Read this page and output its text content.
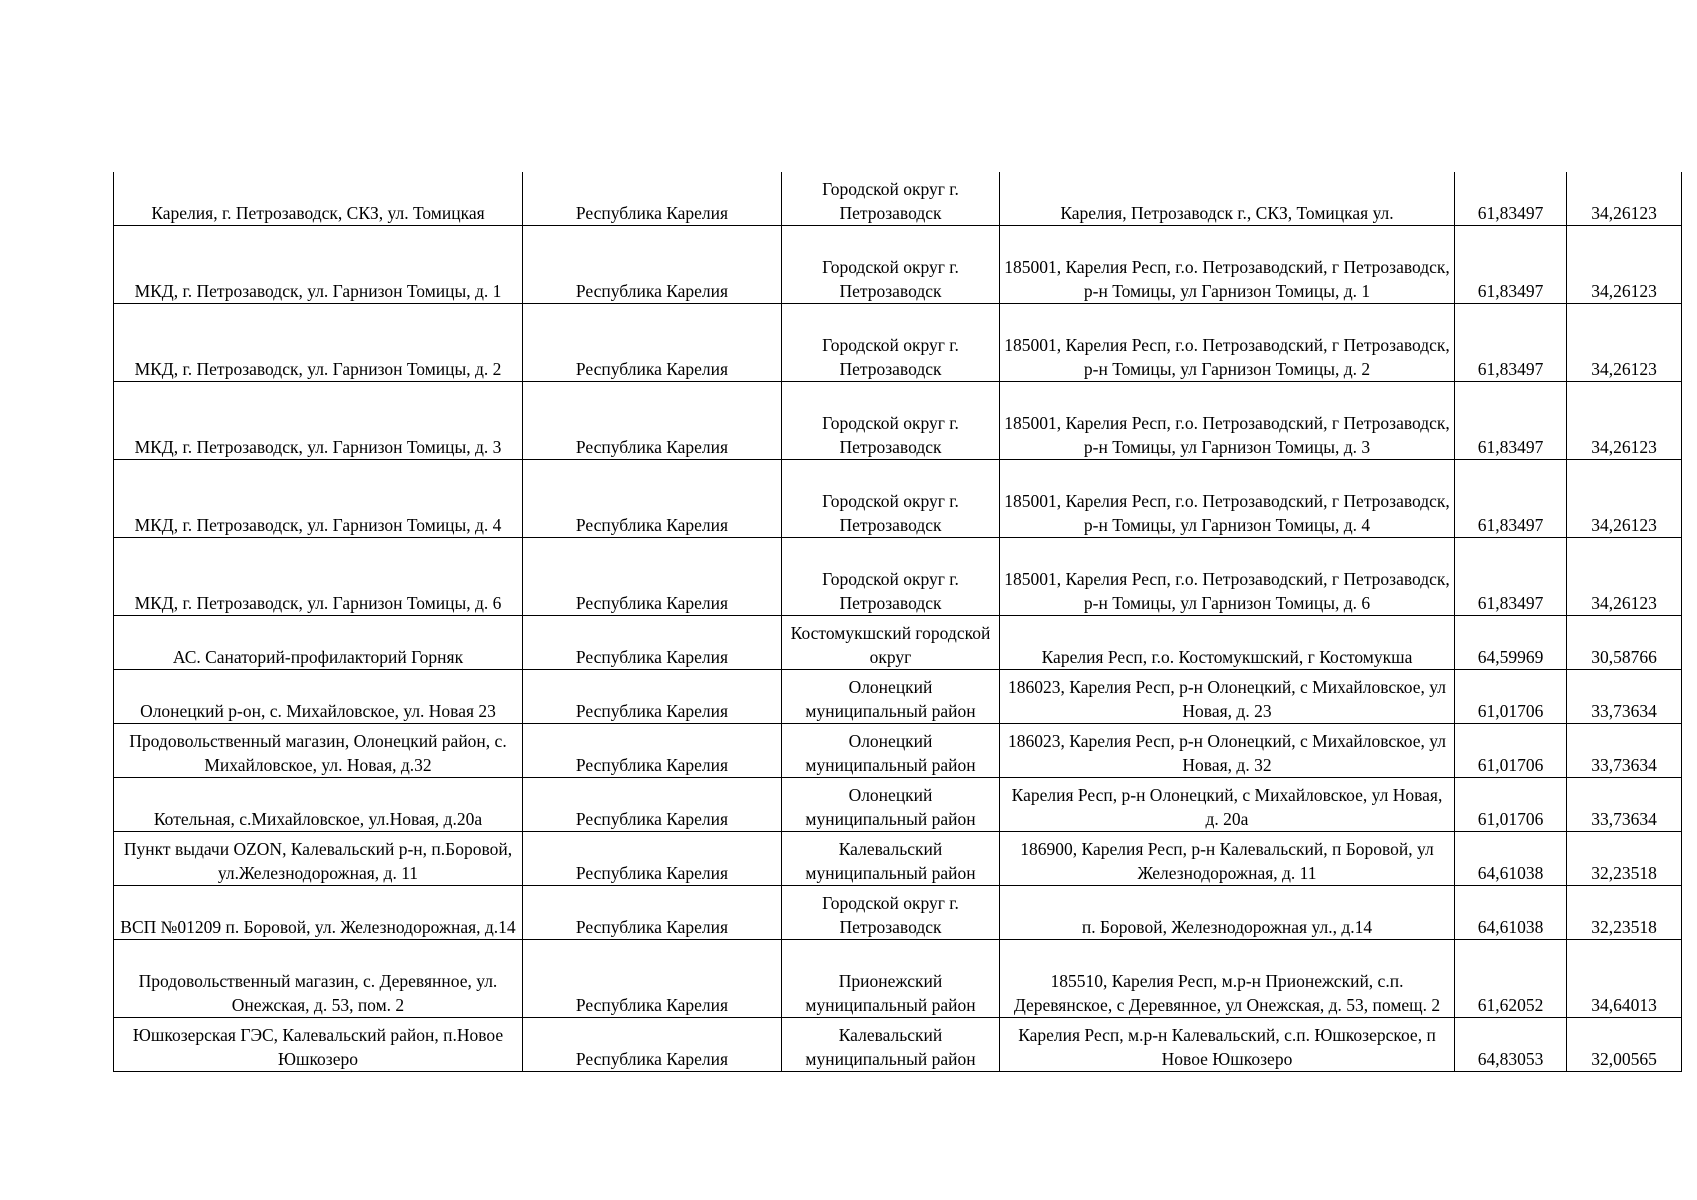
Карелия, г. Петрозаводск, СКЗ, ул. Томицкая	Республика Карелия	Городской округ г. Петрозаводск	Карелия, Петрозаводск г., СКЗ, Томицкая ул.	61,83497	34,26123
МКД, г. Петрозаводск, ул. Гарнизон Томицы, д. 1	Республика Карелия	Городской округ г. Петрозаводск	185001, Карелия Респ, г.о. Петрозаводский, г Петрозаводск, р-н Томицы, ул Гарнизон Томицы, д. 1	61,83497	34,26123
МКД, г. Петрозаводск, ул. Гарнизон Томицы, д. 2	Республика Карелия	Городской округ г. Петрозаводск	185001, Карелия Респ, г.о. Петрозаводский, г Петрозаводск, р-н Томицы, ул Гарнизон Томицы, д. 2	61,83497	34,26123
МКД, г. Петрозаводск, ул. Гарнизон Томицы, д. 3	Республика Карелия	Городской округ г. Петрозаводск	185001, Карелия Респ, г.о. Петрозаводский, г Петрозаводск, р-н Томицы, ул Гарнизон Томицы, д. 3	61,83497	34,26123
МКД, г. Петрозаводск, ул. Гарнизон Томицы, д. 4	Республика Карелия	Городской округ г. Петрозаводск	185001, Карелия Респ, г.о. Петрозаводский, г Петрозаводск, р-н Томицы, ул Гарнизон Томицы, д. 4	61,83497	34,26123
МКД, г. Петрозаводск, ул. Гарнизон Томицы, д. 6	Республика Карелия	Городской округ г. Петрозаводск	185001, Карелия Респ, г.о. Петрозаводский, г Петрозаводск, р-н Томицы, ул Гарнизон Томицы, д. 6	61,83497	34,26123
АС. Санаторий-профилакторий Горняк	Республика Карелия	Костомукшский городской округ	Карелия Респ, г.о. Костомукшский, г Костомукша	64,59969	30,58766
Олонецкий р-он, с. Михайловское, ул. Новая 23	Республика Карелия	Олонецкий муниципальный район	186023, Карелия Респ, р-н Олонецкий, с Михайловское, ул Новая, д. 23	61,01706	33,73634
Продовольственный магазин, Олонецкий район, с. Михайловское, ул. Новая, д.32	Республика Карелия	Олонецкий муниципальный район	186023, Карелия Респ, р-н Олонецкий, с Михайловское, ул Новая, д. 32	61,01706	33,73634
Котельная, с.Михайловское, ул.Новая, д.20а	Республика Карелия	Олонецкий муниципальный район	Карелия Респ, р-н Олонецкий, с Михайловское, ул Новая, д. 20а	61,01706	33,73634
Пункт выдачи OZON, Калевальский р-н, п.Боровой, ул.Железнодорожная, д. 11	Республика Карелия	Калевальский муниципальный район	186900, Карелия Респ, р-н Калевальский, п Боровой, ул Железнодорожная, д. 11	64,61038	32,23518
ВСП №01209 п. Боровой, ул. Железнодорожная, д.14	Республика Карелия	Городской округ г. Петрозаводск	п. Боровой, Железнодорожная ул., д.14	64,61038	32,23518
Продовольственный магазин, с. Деревянное, ул. Онежская, д. 53, пом. 2	Республика Карелия	Прионежский муниципальный район	185510, Карелия Респ, м.р-н Прионежский, с.п. Деревянское, с Деревянное, ул Онежская, д. 53, помещ. 2	61,62052	34,64013
Юшкозерская ГЭС, Калевальский район, п.Новое Юшкозеро	Республика Карелия	Калевальский муниципальный район	Карелия Респ, м.р-н Калевальский, с.п. Юшкозерское, п Новое Юшкозеро	64,83053	32,00565
